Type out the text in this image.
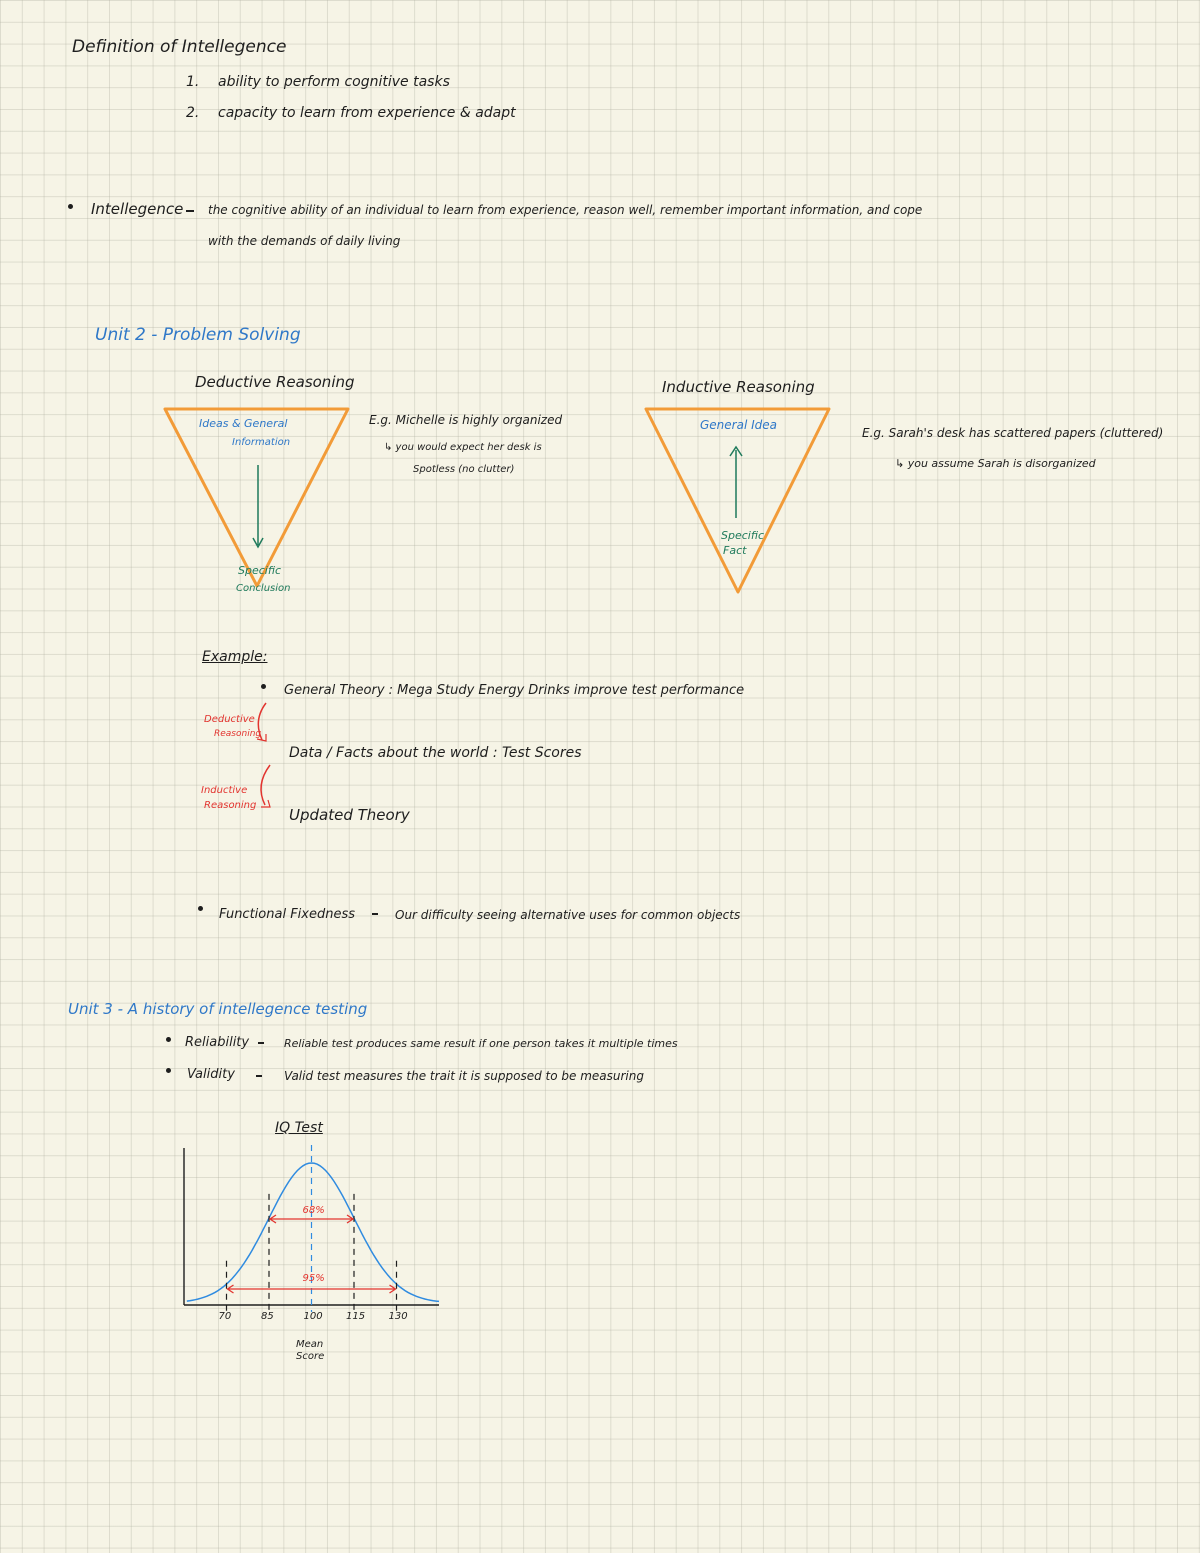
Definition of Intellegence
1. ability to perform cognitive tasks
2. capacity to learn from experience & adapt
Intellegence the cognitive ability of an individual to learn from experience, reason well, remember important information, and cope
with the demands of daily living
Unit 2 - Problem Solving
Deductive Reasoning	Inductive Reasoning
Ideas & General
Information
Specific
Conclusion
E.g. Michelle is highly organized
↳ you would expect her desk is
Spotless (no clutter)
General Idea
Specific
Fact
E.g. Sarah's desk has scattered papers (cluttered)
↳ you assume Sarah is disorganized
Example:
General Theory : Mega Study Energy Drinks improve test performance
Deductive
Reasoning
Data / Facts about the world : Test Scores
Inductive
Reasoning
Updated Theory
Functional Fixedness	Our difficulty seeing alternative uses for common objects
Unit 3 - A history of intellegence testing
Reliability	Reliable test produces same result if one person takes it multiple times
Validity	Valid test measures the trait it is supposed to be measuring
IQ Test
70	85	100 115 130
68%
95%
Mean
Score
